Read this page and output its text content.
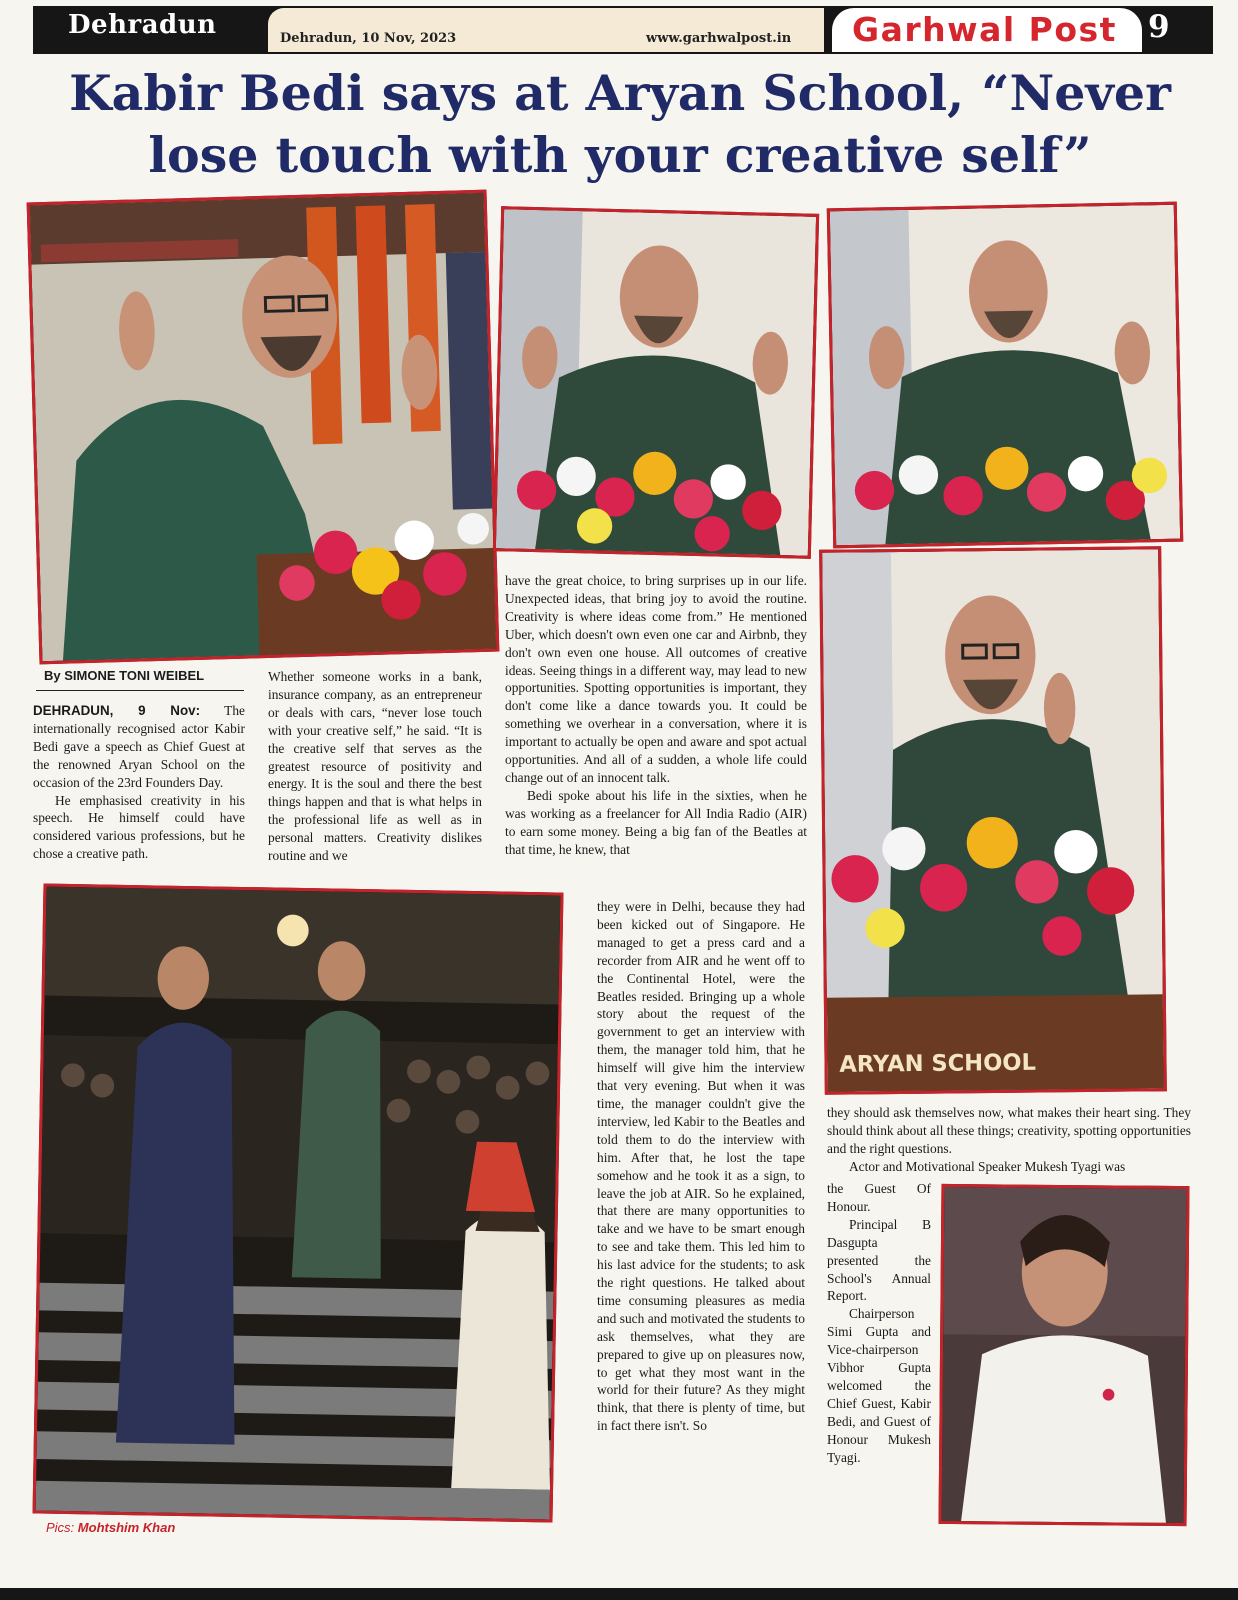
Dehradun	Dehradun, 10 Nov, 2023	www.garhwalpost.in Garhwal Post 9
Kabir Bedi says at Aryan School, “Never lose touch with your creative self”
ARYAN SCHOOL
By SIMONE TONI WEIBEL

DEHRADUN, 9 Nov: The internationally recognised actor Kabir Bedi gave a speech as Chief Guest at the renowned Aryan School on the occasion of the 23rd Founders Day.

He emphasised creativity in his speech. He himself could have considered various professions, but he chose a creative path.

Whether someone works in a bank, insurance company, as an entrepreneur or deals with cars, “never lose touch with your creative self,” he said. “It is the creative self that serves as the greatest resource of positivity and energy. It is the soul and there the best things happen and that is what helps in the professional life as well as in personal matters. Creativity dislikes routine and we

have the great choice, to bring surprises up in our life. Unexpected ideas, that bring joy to avoid the routine. Creativity is where ideas come from.” He mentioned Uber, which doesn't own even one car and Airbnb, they don't own even one house. All outcomes of creative ideas. Seeing things in a different way, may lead to new opportunities. Spotting opportunities is important, they don't come like a dance towards you. It could be something we overhear in a conversation, where it is important to actually be open and aware and spot actual opportunities. And all of a sudden, a whole life could change out of an innocent talk.

Bedi spoke about his life in the sixties, when he was working as a freelancer for All India Radio (AIR) to earn some money. Being a big fan of the Beatles at that time, he knew, that

they were in Delhi, because they had been kicked out of Singapore. He managed to get a press card and a recorder from AIR and he went off to the Continental Hotel, were the Beatles resided. Bringing up a whole story about the request of the government to get an interview with them, the manager told him, that he himself will give him the interview that very evening. But when it was time, the manager couldn't give the interview, led Kabir to the Beatles and told them to do the interview with him. After that, he lost the tape somehow and he took it as a sign, to leave the job at AIR. So he explained, that there are many opportunities to take and we have to be smart enough to see and take them. This led him to his last advice for the students; to ask the right questions. He talked about time consuming pleasures as media and such and motivated the students to ask themselves, what they are prepared to give up on pleasures now, to get what they most want in the world for their future? As they might think, that there is plenty of time, but in fact there isn't. So

they should ask themselves now, what makes their heart sing. They should think about all these things; creativity, spotting opportunities and the right questions.

Actor and Motivational Speaker Mukesh Tyagi was

the Guest Of Honour.

Principal B Dasgupta presented the School's Annual Report.

Chairperson Simi Gupta and Vice-chairperson Vibhor Gupta welcomed the Chief Guest, Kabir Bedi, and Guest of Honour Mukesh Tyagi.

Pics: Mohtshim Khan
